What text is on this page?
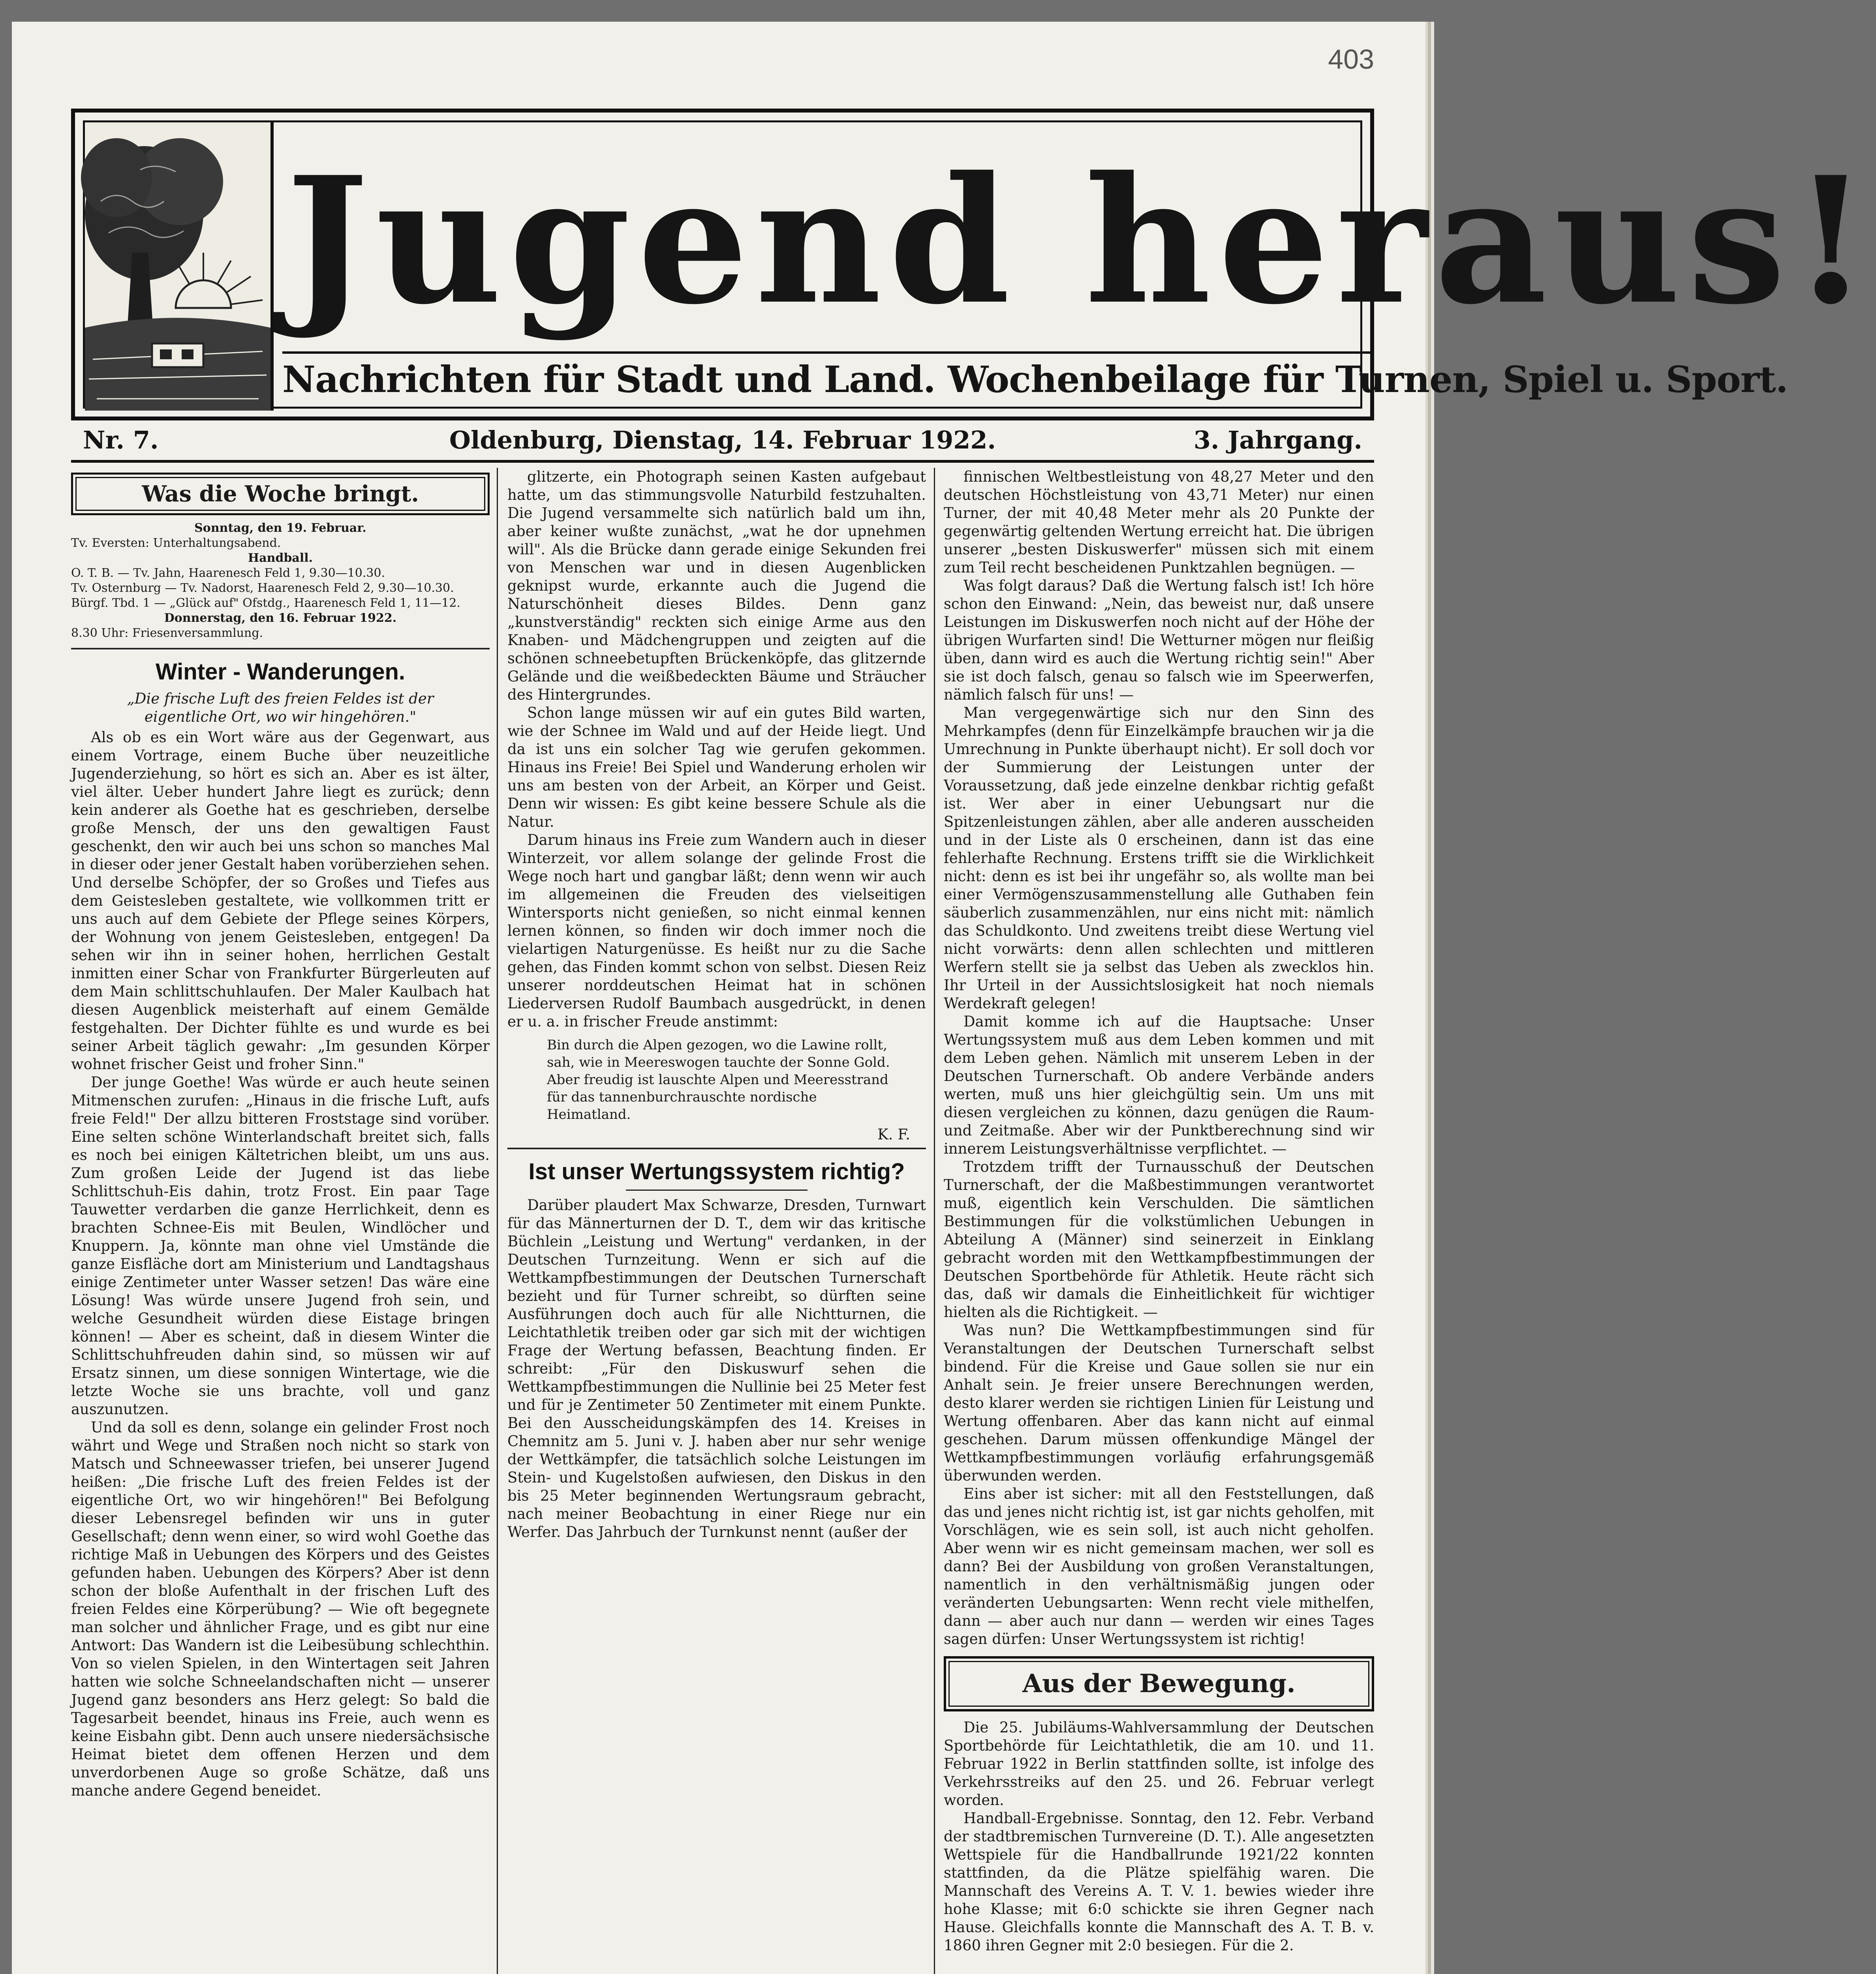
403
Jugend heraus!
Nachrichten für Stadt und Land. Wochenbeilage für Turnen, Spiel u. Sport.
Nr. 7.	Oldenburg, Dienstag, 14. Februar 1922.	3. Jahrgang.
Was die Woche bringt.

Sonntag, den 19. Februar.

Tv. Eversten: Unterhaltungsabend.

Handball.

O. T. B. — Tv. Jahn, Haarenesch Feld 1, 9.30—10.30.

Tv. Osternburg — Tv. Nadorst, Haarenesch Feld 2, 9.30—10.30.

Bürgf. Tbd. 1 — „Glück auf" Ofstdg., Haarenesch Feld 1, 11—12.

Donnerstag, den 16. Februar 1922.

8.30 Uhr: Friesenversammlung.

Winter - Wanderungen.
„Die frische Luft des freien Feldes ist der eigentliche Ort, wo wir hingehören."

Als ob es ein Wort wäre aus der Gegenwart, aus einem Vortrage, einem Buche über neuzeitliche Jugenderziehung, so hört es sich an. Aber es ist älter, viel älter. Ueber hundert Jahre liegt es zurück; denn kein anderer als Goethe hat es geschrieben, derselbe große Mensch, der uns den gewaltigen Faust geschenkt, den wir auch bei uns schon so manches Mal in dieser oder jener Gestalt haben vorüberziehen sehen. Und derselbe Schöpfer, der so Großes und Tiefes aus dem Geistesleben gestaltete, wie vollkommen tritt er uns auch auf dem Gebiete der Pflege seines Körpers, der Wohnung von jenem Geistesleben, entgegen! Da sehen wir ihn in seiner hohen, herrlichen Gestalt inmitten einer Schar von Frankfurter Bürgerleuten auf dem Main schlittschuhlaufen. Der Maler Kaulbach hat diesen Augenblick meisterhaft auf einem Gemälde festgehalten. Der Dichter fühlte es und wurde es bei seiner Arbeit täglich gewahr: „Im gesunden Körper wohnet frischer Geist und froher Sinn."

Der junge Goethe! Was würde er auch heute seinen Mitmenschen zurufen: „Hinaus in die frische Luft, aufs freie Feld!" Der allzu bitteren Froststage sind vorüber. Eine selten schöne Winterlandschaft breitet sich, falls es noch bei einigen Kältetrichen bleibt, um uns aus. Zum großen Leide der Jugend ist das liebe Schlittschuh-Eis dahin, trotz Frost. Ein paar Tage Tauwetter verdarben die ganze Herrlichkeit, denn es brachten Schnee-Eis mit Beulen, Windlöcher und Knuppern. Ja, könnte man ohne viel Umstände die ganze Eisfläche dort am Ministerium und Landtagshaus einige Zentimeter unter Wasser setzen! Das wäre eine Lösung! Was würde unsere Jugend froh sein, und welche Gesundheit würden diese Eistage bringen können! — Aber es scheint, daß in diesem Winter die Schlittschuhfreuden dahin sind, so müssen wir auf Ersatz sinnen, um diese sonnigen Wintertage, wie die letzte Woche sie uns brachte, voll und ganz auszunutzen.

Und da soll es denn, solange ein gelinder Frost noch währt und Wege und Straßen noch nicht so stark von Matsch und Schneewasser triefen, bei unserer Jugend heißen: „Die frische Luft des freien Feldes ist der eigentliche Ort, wo wir hingehören!" Bei Befolgung dieser Lebensregel befinden wir uns in guter Gesellschaft; denn wenn einer, so wird wohl Goethe das richtige Maß in Uebungen des Körpers und des Geistes gefunden haben. Uebungen des Körpers? Aber ist denn schon der bloße Aufenthalt in der frischen Luft des freien Feldes eine Körperübung? — Wie oft begegnete man solcher und ähnlicher Frage, und es gibt nur eine Antwort: Das Wandern ist die Leibesübung schlechthin. Von so vielen Spielen, in den Wintertagen seit Jahren hatten wie solche Schneelandschaften nicht — unserer Jugend ganz besonders ans Herz gelegt: So bald die Tagesarbeit beendet, hinaus ins Freie, auch wenn es keine Eisbahn gibt. Denn auch unsere niedersächsische Heimat bietet dem offenen Herzen und dem unverdorbenen Auge so große Schätze, daß uns manche andere Gegend beneidet.

glitzerte, ein Photograph seinen Kasten aufgebaut hatte, um das stimmungsvolle Naturbild festzuhalten. Die Jugend versammelte sich natürlich bald um ihn, aber keiner wußte zunächst, „wat he dor upnehmen will". Als die Brücke dann gerade einige Sekunden frei von Menschen war und in diesen Augenblicken geknipst wurde, erkannte auch die Jugend die Naturschönheit dieses Bildes. Denn ganz „kunstverständig" reckten sich einige Arme aus den Knaben- und Mädchengruppen und zeigten auf die schönen schneebetupften Brückenköpfe, das glitzernde Gelände und die weißbedeckten Bäume und Sträucher des Hintergrundes.

Schon lange müssen wir auf ein gutes Bild warten, wie der Schnee im Wald und auf der Heide liegt. Und da ist uns ein solcher Tag wie gerufen gekommen. Hinaus ins Freie! Bei Spiel und Wanderung erholen wir uns am besten von der Arbeit, an Körper und Geist. Denn wir wissen: Es gibt keine bessere Schule als die Natur.

Darum hinaus ins Freie zum Wandern auch in dieser Winterzeit, vor allem solange der gelinde Frost die Wege noch hart und gangbar läßt; denn wenn wir auch im allgemeinen die Freuden des vielseitigen Wintersports nicht genießen, so nicht einmal kennen lernen können, so finden wir doch immer noch die vielartigen Naturgenüsse. Es heißt nur zu die Sache gehen, das Finden kommt schon von selbst. Diesen Reiz unserer norddeutschen Heimat hat in schönen Liederversen Rudolf Baumbach ausgedrückt, in denen er u. a. in frischer Freude anstimmt:

Bin durch die Alpen gezogen, wo die Lawine rollt,
sah, wie in Meereswogen tauchte der Sonne Gold.
Aber freudig ist lauschte Alpen und Meeresstrand
für das tannenburchrauschte nordische Heimatland.
K. F.
Ist unser Wertungssystem richtig?

Darüber plaudert Max Schwarze, Dresden, Turnwart für das Männerturnen der D. T., dem wir das kritische Büchlein „Leistung und Wertung" verdanken, in der Deutschen Turnzeitung. Wenn er sich auf die Wettkampfbestimmungen der Deutschen Turnerschaft bezieht und für Turner schreibt, so dürften seine Ausführungen doch auch für alle Nichtturnen, die Leichtathletik treiben oder gar sich mit der wichtigen Frage der Wertung befassen, Beachtung finden. Er schreibt: „Für den Diskuswurf sehen die Wettkampfbestimmungen die Nullinie bei 25 Meter fest und für je Zentimeter 50 Zentimeter mit einem Punkte. Bei den Ausscheidungskämpfen des 14. Kreises in Chemnitz am 5. Juni v. J. haben aber nur sehr wenige der Wettkämpfer, die tatsächlich solche Leistungen im Stein- und Kugelstoßen aufwiesen, den Diskus in den bis 25 Meter beginnenden Wertungsraum gebracht, nach meiner Beobachtung in einer Riege nur ein Werfer. Das Jahrbuch der Turnkunst nennt (außer der

finnischen Weltbestleistung von 48,27 Meter und den deutschen Höchstleistung von 43,71 Meter) nur einen Turner, der mit 40,48 Meter mehr als 20 Punkte der gegenwärtig geltenden Wertung erreicht hat. Die übrigen unserer „besten Diskuswerfer" müssen sich mit einem zum Teil recht bescheidenen Punktzahlen begnügen. —

Was folgt daraus? Daß die Wertung falsch ist! Ich höre schon den Einwand: „Nein, das beweist nur, daß unsere Leistungen im Diskuswerfen noch nicht auf der Höhe der übrigen Wurfarten sind! Die Wetturner mögen nur fleißig üben, dann wird es auch die Wertung richtig sein!" Aber sie ist doch falsch, genau so falsch wie im Speerwerfen, nämlich falsch für uns! —

Man vergegenwärtige sich nur den Sinn des Mehrkampfes (denn für Einzelkämpfe brauchen wir ja die Umrechnung in Punkte überhaupt nicht). Er soll doch vor der Summierung der Leistungen unter der Voraussetzung, daß jede einzelne denkbar richtig gefaßt ist. Wer aber in einer Uebungsart nur die Spitzenleistungen zählen, aber alle anderen ausscheiden und in der Liste als 0 erscheinen, dann ist das eine fehlerhafte Rechnung. Erstens trifft sie die Wirklichkeit nicht: denn es ist bei ihr ungefähr so, als wollte man bei einer Vermögenszusammenstellung alle Guthaben fein säuberlich zusammenzählen, nur eins nicht mit: nämlich das Schuldkonto. Und zweitens treibt diese Wertung viel nicht vorwärts: denn allen schlechten und mittleren Werfern stellt sie ja selbst das Ueben als zwecklos hin. Ihr Urteil in der Aussichtslosigkeit hat noch niemals Werdekraft gelegen!

Damit komme ich auf die Hauptsache: Unser Wertungssystem muß aus dem Leben kommen und mit dem Leben gehen. Nämlich mit unserem Leben in der Deutschen Turnerschaft. Ob andere Verbände anders werten, muß uns hier gleichgültig sein. Um uns mit diesen vergleichen zu können, dazu genügen die Raum- und Zeitmaße. Aber wir der Punktberechnung sind wir innerem Leistungsverhältnisse verpflichtet. —

Trotzdem trifft der Turnausschuß der Deutschen Turnerschaft, der die Maßbestimmungen verantwortet muß, eigentlich kein Verschulden. Die sämtlichen Bestimmungen für die volkstümlichen Uebungen in Abteilung A (Männer) sind seinerzeit in Einklang gebracht worden mit den Wettkampfbestimmungen der Deutschen Sportbehörde für Athletik. Heute rächt sich das, daß wir damals die Einheitlichkeit für wichtiger hielten als die Richtigkeit. —

Was nun? Die Wettkampfbestimmungen sind für Veranstaltungen der Deutschen Turnerschaft selbst bindend. Für die Kreise und Gaue sollen sie nur ein Anhalt sein. Je freier unsere Berechnungen werden, desto klarer werden sie richtigen Linien für Leistung und Wertung offenbaren. Aber das kann nicht auf einmal geschehen. Darum müssen offenkundige Mängel der Wettkampfbestimmungen vorläufig erfahrungsgemäß überwunden werden.

Eins aber ist sicher: mit all den Feststellungen, daß das und jenes nicht richtig ist, ist gar nichts geholfen, mit Vorschlägen, wie es sein soll, ist auch nicht geholfen. Aber wenn wir es nicht gemeinsam machen, wer soll es dann? Bei der Ausbildung von großen Veranstaltungen, namentlich in den verhältnismäßig jungen oder veränderten Uebungsarten: Wenn recht viele mithelfen, dann — aber auch nur dann — werden wir eines Tages sagen dürfen: Unser Wertungssystem ist richtig!

Aus der Bewegung.

Die 25. Jubiläums-Wahlversammlung der Deutschen Sportbehörde für Leichtathletik, die am 10. und 11. Februar 1922 in Berlin stattfinden sollte, ist infolge des Verkehrsstreiks auf den 25. und 26. Februar verlegt worden.

Handball-Ergebnisse. Sonntag, den 12. Febr. Verband der stadtbremischen Turnvereine (D. T.). Alle angesetzten Wettspiele für die Handballrunde 1921/22 konnten stattfinden, da die Plätze spielfähig waren. Die Mannschaft des Vereins A. T. V. 1. bewies wieder ihre hohe Klasse; mit 6:0 schickte sie ihren Gegner nach Hause. Gleichfalls konnte die Mannschaft des A. T. B. v. 1860 ihren Gegner mit 2:0 besiegen. Für die 2.
